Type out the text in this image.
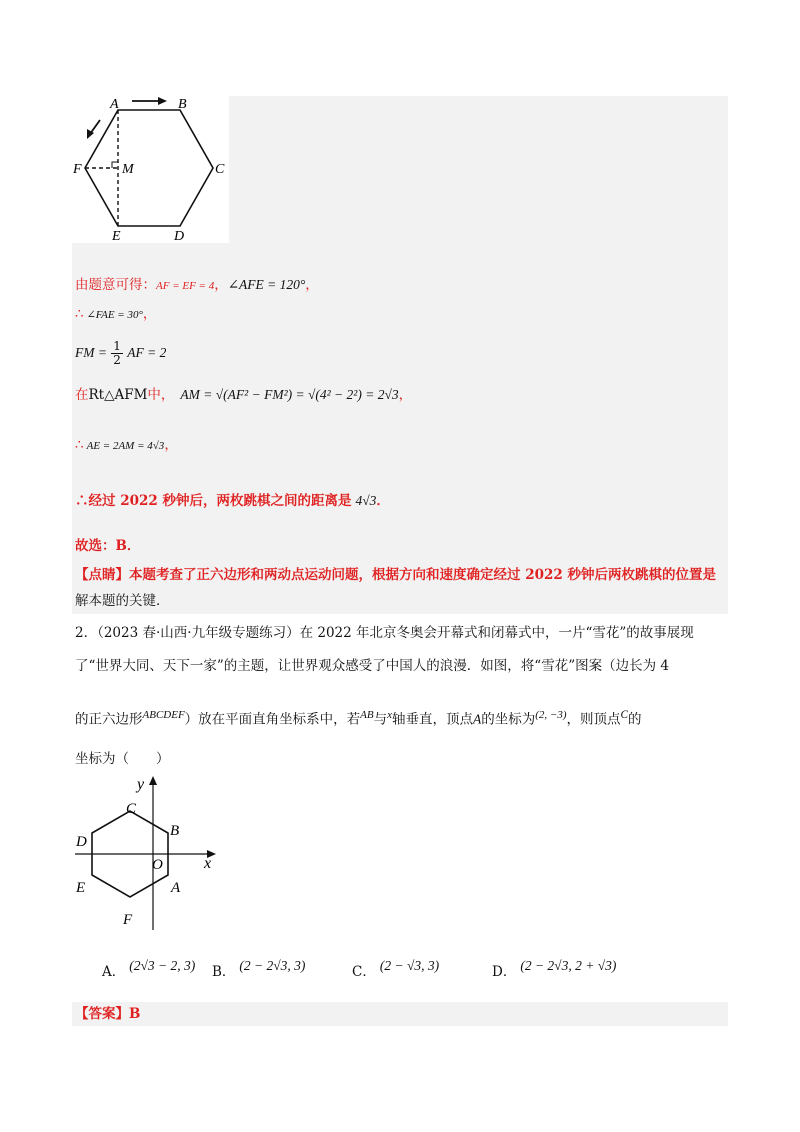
A	B
C
D
E
F	M
由题意可得：AF = EF = 4，∠AFE = 120°，
∴ ∠FAE = 30°，
FM = $\frac{1}{2}$ AF = 2
在Rt△AFM中， AM = √(AF² − FM²) = √(4² − 2²) = 2√3，
∴ AE = 2AM = 4√3，
∴经过 2022 秒钟后，两枚跳棋之间的距离是 4√3．
故选：B．
【点睛】本题考查了正六边形和两动点运动问题，根据方向和速度确定经过 2022 秒钟后两枚跳棋的位置是
解本题的关键．
2．（2023 春·山西·九年级专题练习）在 2022 年北京冬奥会开幕式和闭幕式中，一片“雪花”的故事展现
了“世界大同、天下一家”的主题，让世界观众感受了中国人的浪漫．如图，将“雪花”图案（边长为 4
的正六边形$^{ABCDEF}$）放在平面直角坐标系中，若$^{AB}$与$^x$轴垂直，顶点A的坐标为$^{(2, -3)}$，则顶点$^C$的
坐标为（　　）
y
x
O
A
B
C
D
E
F
A． (2√3 − 2, 3) B． (2 − 2√3, 3)	C． (2 − √3, 3)	D． (2 − 2√3, 2 + √3)
【答案】B
